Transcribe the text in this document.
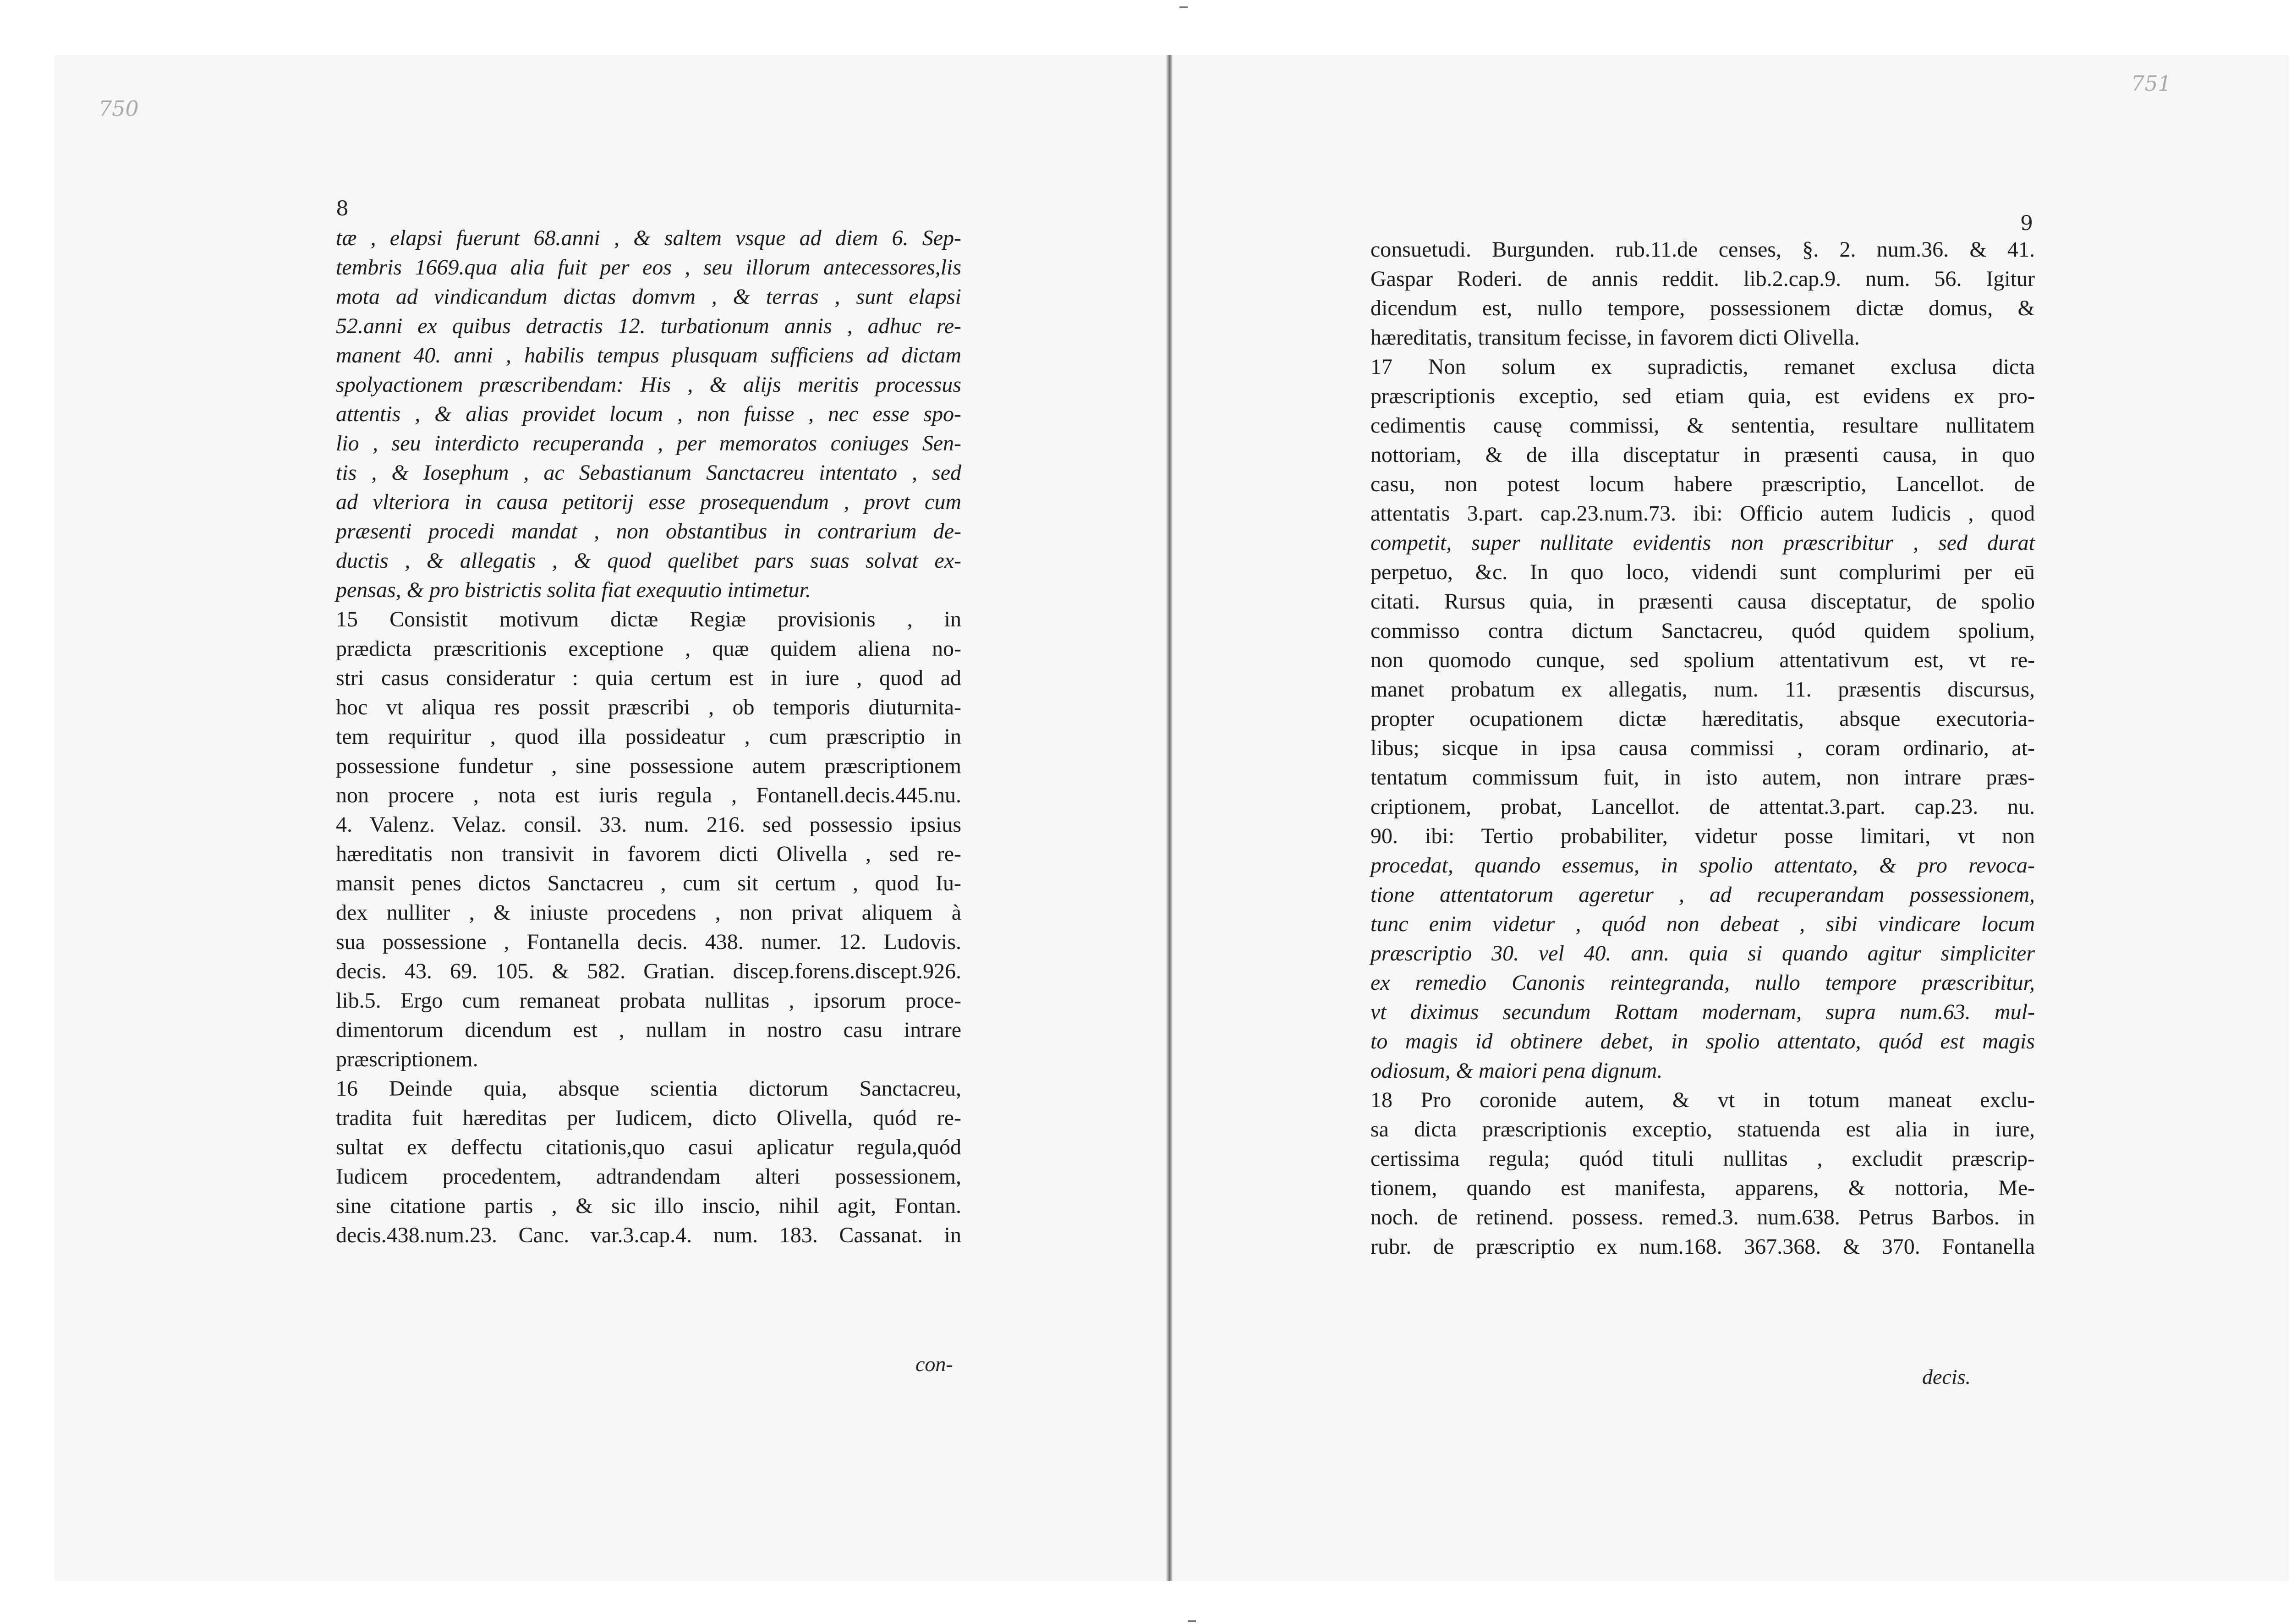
750
8
tæ , elapsi fuerunt 68.anni , & saltem vsque ad diem 6. Sep-
tembris 1669.qua alia fuit per eos , seu illorum antecessores,lis
mota ad vindicandum dictas domvm , & terras , sunt elapsi
52.anni ex quibus detractis 12. turbationum annis , adhuc re-
manent 40. anni , habilis tempus plusquam sufficiens ad dictam
spolyactionem præscribendam: His , & alijs meritis processus
attentis , & alias providet locum , non fuisse , nec esse spo-
lio , seu interdicto recuperanda , per memoratos coniuges Sen-
tis , & Iosephum , ac Sebastianum Sanctacreu intentato , sed
ad vlteriora in causa petitorij esse prosequendum , provt cum
præsenti procedi mandat , non obstantibus in contrarium de-
ductis , & allegatis , & quod quelibet pars suas solvat ex-
pensas, & pro bistrictis solita fiat exequutio intimetur.
15 Consistit motivum dictæ Regiæ provisionis , in
prædicta præscritionis exceptione , quæ quidem aliena no-
stri casus consideratur : quia certum est in iure , quod ad
hoc vt aliqua res possit præscribi , ob temporis diuturnita-
tem requiritur , quod illa possideatur , cum præscriptio in
possessione fundetur , sine possessione autem præscriptionem
non procere , nota est iuris regula , Fontanell.decis.445.nu.
4. Valenz. Velaz. consil. 33. num. 216. sed possessio ipsius
hæreditatis non transivit in favorem dicti Olivella , sed re-
mansit penes dictos Sanctacreu , cum sit certum , quod Iu-
dex nulliter , & iniuste procedens , non privat aliquem à
sua possessione , Fontanella decis. 438. numer. 12. Ludovis.
decis. 43. 69. 105. & 582. Gratian. discep.forens.discept.926.
lib.5. Ergo cum remaneat probata nullitas , ipsorum proce-
dimentorum dicendum est , nullam in nostro casu intrare
præscriptionem.
16 Deinde quia, absque scientia dictorum Sanctacreu,
tradita fuit hæreditas per Iudicem, dicto Olivella, quód re-
sultat ex deffectu citationis,quo casui aplicatur regula,quód
Iudicem procedentem, adtrandendam alteri possessionem,
sine citatione partis , & sic illo inscio, nihil agit, Fontan.
decis.438.num.23. Canc. var.3.cap.4. num. 183. Cassanat. in
con-
751
9
consuetudi. Burgunden. rub.11.de censes, §. 2. num.36. & 41.
Gaspar Roderi. de annis reddit. lib.2.cap.9. num. 56. Igitur
dicendum est, nullo tempore, possessionem dictæ domus, &
hæreditatis, transitum fecisse, in favorem dicti Olivella.
17 Non solum ex supradictis, remanet exclusa dicta
præscriptionis exceptio, sed etiam quia, est evidens ex pro-
cedimentis causę commissi, & sententia, resultare nullitatem
nottoriam, & de illa disceptatur in præsenti causa, in quo
casu, non potest locum habere præscriptio, Lancellot. de
attentatis 3.part. cap.23.num.73. ibi: Officio autem Iudicis , quod
competit, super nullitate evidentis non præscribitur , sed durat
perpetuo, &c. In quo loco, videndi sunt complurimi per eū
citati. Rursus quia, in præsenti causa disceptatur, de spolio
commisso contra dictum Sanctacreu, quód quidem spolium,
non quomodo cunque, sed spolium attentativum est, vt re-
manet probatum ex allegatis, num. 11. præsentis discursus,
propter ocupationem dictæ hæreditatis, absque executoria-
libus; sicque in ipsa causa commissi , coram ordinario, at-
tentatum commissum fuit, in isto autem, non intrare præs-
criptionem, probat, Lancellot. de attentat.3.part. cap.23. nu.
90. ibi: Tertio probabiliter, videtur posse limitari, vt non
procedat, quando essemus, in spolio attentato, & pro revoca-
tione attentatorum ageretur , ad recuperandam possessionem,
tunc enim videtur , quód non debeat , sibi vindicare locum
præscriptio 30. vel 40. ann. quia si quando agitur simpliciter
ex remedio Canonis reintegranda, nullo tempore præscribitur,
vt diximus secundum Rottam modernam, supra num.63. mul-
to magis id obtinere debet, in spolio attentato, quód est magis
odiosum, & maiori pena dignum.
18 Pro coronide autem, & vt in totum maneat exclu-
sa dicta præscriptionis exceptio, statuenda est alia in iure,
certissima regula; quód tituli nullitas , excludit præscrip-
tionem, quando est manifesta, apparens, & nottoria, Me-
noch. de retinend. possess. remed.3. num.638. Petrus Barbos. in
rubr. de præscriptio ex num.168. 367.368. & 370. Fontanella
decis.
